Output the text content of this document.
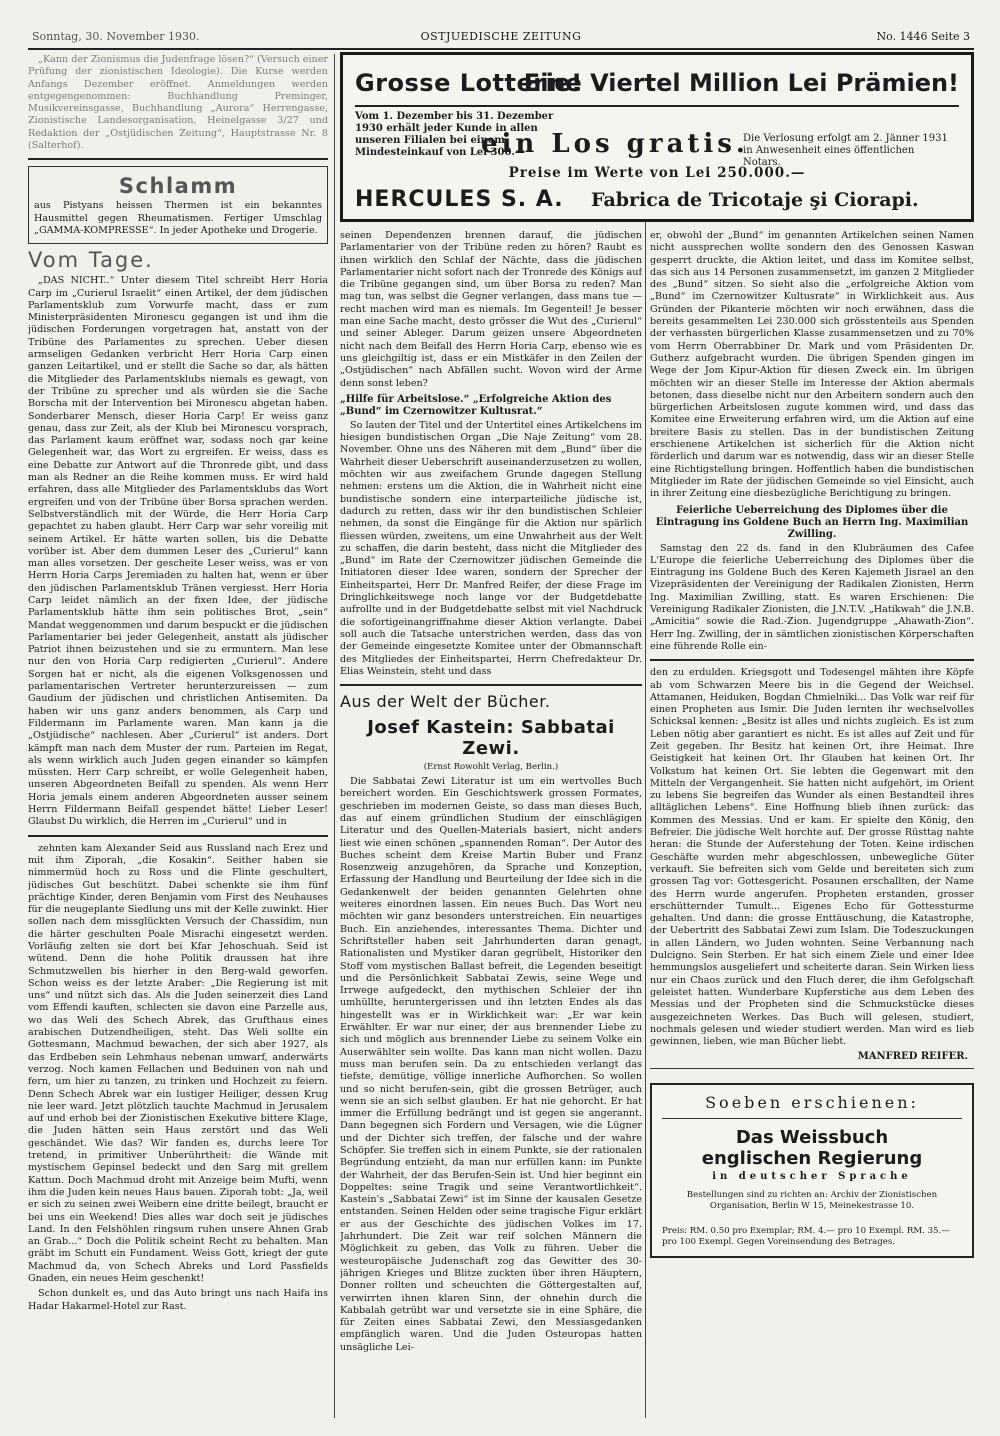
Sonntag, 30. November 1930.	OSTJUEDISCHE ZEITUNG	No. 1446 Seite 3

„Kann der Zionismus die Judenfrage lösen?“ (Versuch einer Prüfung der zionistischen Ideologie). Die Kurse werden Anfangs Dezember eröffnet. Anmeldungen werden entgegengenommen: Buchhandlung Preminger, Musikvereinsgasse, Buchhandlung „Aurora“ Herrengasse, Zionistische Landesorganisation, Heinelgasse 3/27 und Redaktion der „Ostjüdischen Zeitung“, Hauptstrasse Nr. 8 (Salterhof).

Schlamm

aus Pistyans heissen Thermen ist ein bekanntes Hausmittel gegen Rheumatismen. Fertiger Umschlag „GAMMA-KOMPRESSE“. In jeder Apotheke und Drogerie.

Vom Tage.

„DAS NICHT..“ Unter diesem Titel schreibt Herr Horia Carp im „Curierul Israelit“ einen Artikel, der dem jüdischen Parlamentsklub zum Vorwurfe macht, dass er zum Ministerpräsidenten Mironescu gegangen ist und ihm die jüdischen Forderungen vorgetragen hat, anstatt von der Tribüne des Parlamentes zu sprechen. Ueber diesen armseligen Gedanken verbricht Herr Horia Carp einen ganzen Leitartikel, und er stellt die Sache so dar, als hätten die Mitglieder des Parlamentsklubs niemals es gewagt, von der Tribüne zu sprecher und als würden sie die Sache Borscha mit der Intervention bei Mironescu abgetan haben. Sonderbarer Mensch, dieser Horia Carp! Er weiss ganz genau, dass zur Zeit, als der Klub bei Mironescu vorsprach, das Parlament kaum eröffnet war, sodass noch gar keine Gelegenheit war, das Wort zu ergreifen. Er weiss, dass es eine Debatte zur Antwort auf die Thronrede gibt, und dass man als Redner an die Reihe kommen muss. Er wird hald erfahren, dass alle Mitglieder des Parlamentsklubs das Wort ergreifen und von der Tribüne über Borsa sprachen werden. Selbstverständlich mit der Würde, die Herr Horia Carp gepachtet zu haben glaubt. Herr Carp war sehr voreilig mit seinem Artikel. Er hätte warten sollen, bis die Debatte vorüber ist. Aber dem dummen Leser des „Curierul“ kann man alles vorsetzen. Der gescheite Leser weiss, was er von Herrn Horia Carps Jeremiaden zu halten hat, wenn er über den jüdischen Parlamentsklub Tränen vergiesst. Herr Horia Carp leidet nämlich an der fixen Idee, der jüdische Parlamentsklub hätte ihm sein politisches Brot, „sein“ Mandat weggenommen und darum bespuckt er die jüdischen Parlamentarier bei jeder Gelegenheit, anstatt als jüdischer Patriot ihnen beizustehen und sie zu ermuntern. Man lese nur den von Horia Carp redigierten „Curierul“. Andere Sorgen hat er nicht, als die eigenen Volksgenossen und parlamentarischen Vertreter herunterzureissen — zum Gaudium der jüdischen und christlichen Antisemiten. Da haben wir uns ganz anders benommen, als Carp und Fildermann im Parlamente waren. Man kann ja die „Ostjüdische“ nachlesen. Aber „Curierul“ ist anders. Dort kämpft man nach dem Muster der rum. Parteien im Regat, als wenn wirklich auch Juden gegen einander so kämpfen müssten. Herr Carp schreibt, er wolle Gelegenheit haben, unseren Abgeordneten Beifall zu spenden. Als wenn Herr Horia jemals einem anderen Abgeordneten ausser seinem Herrn Fildermann Beifall gespendet hätte! Lieber Leser! Glaubst Du wirklich, die Herren im „Curierul“ und in

zehnten kam Alexander Seid aus Russland nach Erez und mit ihm Ziporah, „die Kosakin“. Seither haben sie nimmermüd hoch zu Ross und die Flinte geschultert, jüdisches Gut beschützt. Dabei schenkte sie ihm fünf prächtige Kinder, deren Benjamin vom First des Neuhauses für die neugeplante Siedlung uns mit der Kelle zuwinkt. Hier sollen nach dem missglückten Versuch der Chassidim, nun die härter geschulten Poale Misrachi eingesetzt werden. Vorläufig zelten sie dort bei Kfar Jehoschuah. Seid ist wütend. Denn die hohe Politik draussen hat ihre Schmutzwellen bis hierher in den Berg-wald geworfen. Schon weiss es der letzte Araber: „Die Regierung ist mit uns“ und nützt sich das. Als die Juden seinerzeit dies Land vom Effendi kauften, schlecten sie davon eine Parzelle aus, wo das Weli des Schech Abrek, das Grufthaus eines arabischen Dutzendheiligen, steht. Das Weli sollte ein Gottesmann, Machmud bewachen, der sich aber 1927, als das Erdbeben sein Lehmhaus nebenan umwarf, anderwärts verzog. Noch kamen Fellachen und Beduinen von nah und fern, um hier zu tanzen, zu trinken und Hochzeit zu feiern. Denn Schech Abrek war ein lustiger Heiliger, dessen Krug nie leer ward. Jetzt plötzlich tauchte Machmud in Jerusalem auf und erhob bei der Zionistischen Exekutive bittere Klage, die Juden hätten sein Haus zerstört und das Weli geschändet. Wie das? Wir fanden es, durchs leere Tor tretend, in primitiver Unberührtheit: die Wände mit mystischem Gepinsel bedeckt und den Sarg mit grellem Kattun. Doch Machmud droht mit Anzeige beim Mufti, wenn ihm die Juden kein neues Haus bauen. Ziporah tobt: „Ja, weil er sich zu seinen zwei Weibern eine dritte beilegt, braucht er bei uns ein Weekend! Dies alles war doch seit je jüdisches Land. In den Felshöhlen ringsum ruhen unsere Ahnen Grab an Grab...“ Doch die Politik scheint Recht zu behalten. Man gräbt im Schutt ein Fundament. Weiss Gott, kriegt der gute Machmud da, von Schech Abreks und Lord Passfields Gnaden, ein neues Heim geschenkt!

Schon dunkelt es, und das Auto bringt uns nach Haifa ins Hadar Hakarmel-Hotel zur Rast.

Grosse Lotterie!
Eine Viertel Million Lei Prämien!
Vom 1. Dezember bis 31. Dezember 1930 erhält jeder Kunde in allen unseren Filialen bei einem Mindesteinkauf von Lei 300.—
ein Los gratis.
Die Verlosung erfolgt am 2. Jänner 1931 in Anwesenheit eines öffentlichen Notars.
Preise im Werte von Lei 250.000.—
HERCULES S. A. Fabrica de Tricotaje şi Ciorapi.

seinen Dependenzen brennen darauf, die jüdischen Parlamentarier von der Tribüne reden zu hören? Raubt es ihnen wirklich den Schlaf der Nächte, dass die jüdischen Parlamentarier nicht sofort nach der Tronrede des Königs auf die Tribüne gegangen sind, um über Borsa zu reden? Man mag tun, was selbst die Gegner verlangen, dass mans tue — recht machen wird man es niemals. Im Gegenteil! Je besser man eine Sache macht, desto grösser die Wut des „Curierul“ und seiner Ableger. Darum geizen unsere Abgeordneten nicht nach dem Beifall des Herrn Horia Carp, ebenso wie es uns gleichgiltig ist, dass er ein Mistkäfer in den Zeilen der „Ostjüdischen“ nach Abfällen sucht. Wovon wird der Arme denn sonst leben?

„Hilfe für Arbeitslose.“ „Erfolgreiche Aktion des „Bund“ im Czernowitzer Kultusrat.“

So lauten der Titel und der Untertitel eines Artikelchens im hiesigen bundistischen Organ „Die Naje Zeitung“ vom 28. November. Ohne uns des Näheren mit dem „Bund“ über die Wahrheit dieser Ueberschrift auseinanderzusetzen zu wollen, möchten wir aus zweifachem Grunde dagegen Stellung nehmen: erstens um die Aktion, die in Wahrheit nicht eine bundistische sondern eine interparteiliche jüdische ist, dadurch zu retten, dass wir ihr den bundistischen Schleier nehmen, da sonst die Eingänge für die Aktion nur spärlich fliessen würden, zweitens, um eine Unwahrheit aus der Welt zu schaffen, die darin besteht, dass nicht die Mitglieder des „Bund“ im Rate der Czernowitzer jüdischen Gemeinde die Initiatoren dieser Idee waren, sondern der Sprecher der Einheitspartei, Herr Dr. Manfred Reifer, der diese Frage im Dringlichkeitswege noch lange vor der Budgetdebatte aufrollte und in der Budgetdebatte selbst mit viel Nachdruck die sofortigeinangriffnahme dieser Aktion verlangte. Dabei soll auch die Tatsache unterstrichen werden, dass das von der Gemeinde eingesetzte Komitee unter der Obmannschaft des Mitgliedes der Einheitspartei, Herrn Chefredakteur Dr. Elias Weinstein, steht und dass

Aus der Welt der Bücher.
Josef Kastein: Sabbatai Zewi.
(Ernst Rowohlt Verlag, Berlin.)

Die Sabbatai Zewi Literatur ist um ein wertvolles Buch bereichert worden. Ein Geschichtswerk grossen Formates, geschrieben im modernen Geiste, so dass man dieses Buch, das auf einem gründlichen Studium der einschlägigen Literatur und des Quellen-Materials basiert, nicht anders liest wie einen schönen „spannenden Roman“. Der Autor des Buches scheint dem Kreise Martin Buber und Franz Rosenzweig anzugehören, da Sprache und Konzeption, Erfassung der Handlung und Beurteilung der Idee sich in die Gedankenwelt der beiden genannten Gelehrten ohne weiteres einordnen lassen. Ein neues Buch. Das Wort neu möchten wir ganz besonders unterstreichen. Ein neuartiges Buch. Ein anziehendes, interessantes Thema. Dichter und Schriftsteller haben seit Jahrhunderten daran genagt, Rationalisten und Mystiker daran gegrübelt, Historiker den Stoff vom mystischen Ballast befreit, die Legenden beseitigt und die Persönlichkeit Sabbatai Zewis, seine Wege und Irrwege aufgedeckt, den mythischen Schleier der ihn umhüllte, heruntergerissen und ihn letzten Endes als das hingestellt was er in Wirklichkeit war: „Er war kein Erwählter. Er war nur einer, der aus brennender Liebe zu sich und möglich aus brennender Liebe zu seinem Volke ein Auserwählter sein wollte. Das kann man nicht wollen. Dazu muss man berufen sein. Da zu entschieden verlangt das tiefste, demütige, völlige innerliche Aufhorchen. So wollen und so nicht berufen-sein, gibt die grossen Betrüger, auch wenn sie an sich selbst glauben. Er hat nie gehorcht. Er hat immer die Erfüllung bedrängt und ist gegen sie angerannt. Dann begegnen sich Fordern und Versagen, wie die Lügner und der Dichter sich treffen, der falsche und der wahre Schöpfer. Sie treffen sich in einem Punkte, sie der rationalen Begründung entzieht, da man nur erfüllen kann: im Punkte der Wahrheit, der das Berufen-Sein ist. Und hier beginnt ein Doppeltes: seine Tragik und seine Verantwortlichkeit“. Kastein's „Sabbatai Zewi“ ist im Sinne der kausalen Gesetze entstanden. Seinen Helden oder seine tragische Figur erklärt er aus der Geschichte des jüdischen Volkes im 17. Jahrhundert. Die Zeit war reif solchen Männern die Möglichkeit zu geben, das Volk zu führen. Ueber die westeuropäische Judenschaft zog das Gewitter des 30-jährigen Krieges und Blitze zuckten über ihren Häuptern, Donner rollten und scheuchten die Göttergestalten auf, verwirrten ihnen klaren Sinn, der ohnehin durch die Kabbalah getrübt war und versetzte sie in eine Sphäre, die für Zeiten eines Sabbatai Zewi, den Messiasgedanken empfänglich waren. Und die Juden Osteuropas hatten unsägliche Lei-

er, obwohl der „Bund“ im genannten Artikelchen seinen Namen nicht aussprechen wollte sondern den des Genossen Kaswan gesperrt druckte, die Aktion leitet, und dass im Komitee selbst, das sich aus 14 Personen zusammensetzt, im ganzen 2 Mitglieder des „Bund“ sitzen. So sieht also die „erfolgreiche Aktion vom „Bund“ im Czernowitzer Kultusrate“ in Wirklichkeit aus. Aus Gründen der Pikanterie möchten wir noch erwähnen, dass die bereits gesammelten Lei 230.000 sich grösstenteils aus Spenden der verhassten bürgerlichen Klasse zusammensetzen und zu 70% vom Herrn Oberrabbiner Dr. Mark und vom Präsidenten Dr. Gutherz aufgebracht wurden. Die übrigen Spenden gingen im Wege der Jom Kipur-Aktion für diesen Zweck ein. Im übrigen möchten wir an dieser Stelle im Interesse der Aktion abermals betonen, dass dieselbe nicht nur den Arbeitern sondern auch den bürgerlichen Arbeitslosen zugute kommen wird, und dass das Komitee eine Erweiterung erfahren wird, um die Aktion auf eine breitere Basis zu stellen. Das in der bundistischen Zeitung erschienene Artikelchen ist sicherlich für die Aktion nicht förderlich und darum war es notwendig, dass wir an dieser Stelle eine Richtigstellung bringen. Hoffentlich haben die bundistischen Mitglieder im Rate der jüdischen Gemeinde so viel Einsicht, auch in ihrer Zeitung eine diesbezügliche Berichtigung zu bringen.

Feierliche Ueberreichung des Diplomes über die Eintragung ins Goldene Buch an Herrn Ing. Maximilian Zwilling.

Samstag den 22 ds. fand in den Klubräumen des Cafee L'Europe die feierliche Ueberreichung des Diplomes über die Eintragung ins Goldene Buch des Keren Kajemeth Jisrael an den Vizepräsidenten der Vereinigung der Radikalen Zionisten, Herrn Ing. Maximilian Zwilling, statt. Es waren Erschienen: Die Vereinigung Radikaler Zionisten, die J.N.T.V. „Hatikwah“ die J.N.B. „Amicitia“ sowie die Rad.-Zion. Jugendgruppe „Ahawath-Zion“. Herr Ing. Zwilling, der in sämtlichen zionistischen Körperschaften eine führende Rolle ein-

den zu erdulden. Kriegsgott und Todesengel mähten ihre Köpfe ab vom Schwarzen Meere bis in die Gegend der Weichsel. Attamanen, Heiduken, Bogdan Chmielniki... Das Volk war reif für einen Propheten aus Ismir. Die Juden lernten ihr wechselvolles Schicksal kennen: „Besitz ist alles und nichts zugleich. Es ist zum Leben nötig aber garantiert es nicht. Es ist alles auf Zeit und für Zeit gegeben. Ihr Besitz hat keinen Ort, ihre Heimat. Ihre Geistigkeit hat keinen Ort. Ihr Glauben hat keinen Ort. Ihr Volkstum hat keinen Ort. Sie lebten die Gegenwart mit den Mitteln der Vergangenheit. Sie hatten nicht aufgehört, im Orient zu lebens Sie begreifen das Wunder als einen Bestandteil ihres alltäglichen Lebens“. Eine Hoffnung blieb ihnen zurück: das Kommen des Messias. Und er kam. Er spielte den König, den Befreier. Die jüdische Welt horchte auf. Der grosse Rüsttag nahte heran: die Stunde der Auferstehung der Toten. Keine irdischen Geschäfte wurden mehr abgeschlossen, unbewegliche Güter verkauft. Sie befreiten sich vom Gelde und bereiteten sich zum grossen Tag vor: Gottesgericht. Posaunen erschallten, der Name des Herrn wurde angerufen. Propheten erstanden, grosser erschütternder Tumult... Eigenes Echo für Gottessturme gehalten. Und dann: die grosse Enttäuschung, die Katastrophe, der Uebertritt des Sabbatai Zewi zum Islam. Die Todeszuckungen in allen Ländern, wo Juden wohnten. Seine Verbannung nach Dulcigno. Sein Sterben. Er hat sich einem Ziele und einer Idee hemmungslos ausgeliefert und scheiterte daran. Sein Wirken liess nur ein Chaos zurück und den Fluch derer, die ihm Gefolgschaft geleistet hatten. Wunderbare Kupferstiche aus dem Leben des Messias und der Propheten sind die Schmuckstücke dieses ausgezeichneten Werkes. Das Buch will gelesen, studiert, nochmals gelesen und wieder studiert werden. Man wird es lieb gewinnen, lieben, wie man Bücher liebt.

MANFRED REIFER.
Soeben erschienen:
Das Weissbuch
englischen Regierung
in deutscher Sprache
Bestellungen sind zu richten an: Archiv der Zionistischen Organisation, Berlin W 15, Meinekestrasse 10.
Preis: RM. 0.50 pro Exemplar; RM. 4.— pro 10 Exempl. RM. 35.— pro 100 Exempl. Gegen Voreinsendung des Betrages.
